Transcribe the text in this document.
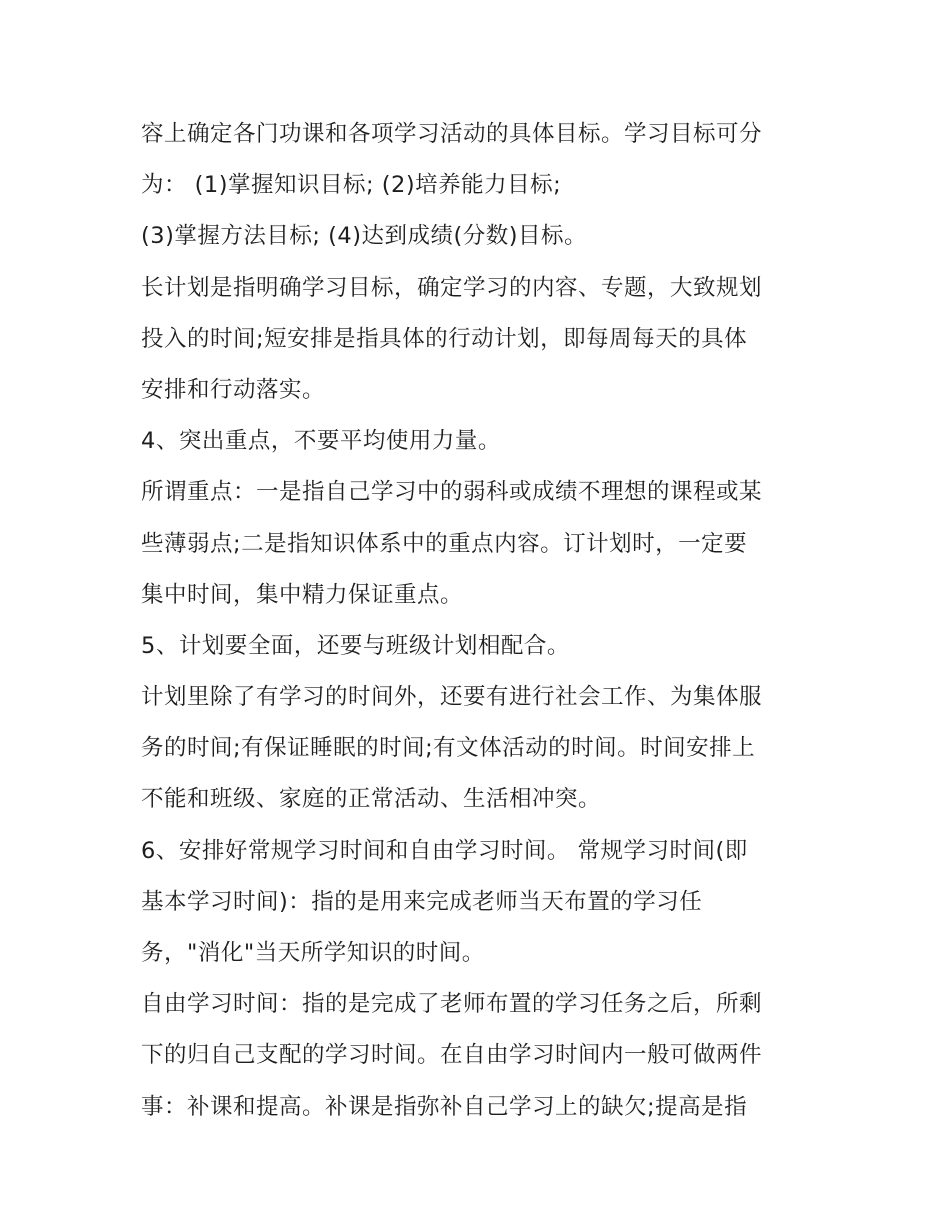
容上确定各门功课和各项学习活动的具体目标。学习目标可分
为： (1)掌握知识目标; (2)培养能力目标;
(3)掌握方法目标; (4)达到成绩(分数)目标。
长计划是指明确学习目标，确定学习的内容、专题，大致规划
投入的时间;短安排是指具体的行动计划，即每周每天的具体
安排和行动落实。
4、突出重点，不要平均使用力量。
所谓重点：一是指自己学习中的弱科或成绩不理想的课程或某
些薄弱点;二是指知识体系中的重点内容。订计划时，一定要
集中时间，集中精力保证重点。
5、计划要全面，还要与班级计划相配合。
计划里除了有学习的时间外，还要有进行社会工作、为集体服
务的时间;有保证睡眠的时间;有文体活动的时间。时间安排上
不能和班级、家庭的正常活动、生活相冲突。
6、安排好常规学习时间和自由学习时间。 常规学习时间(即
基本学习时间)：指的是用来完成老师当天布置的学习任
务，"消化"当天所学知识的时间。
自由学习时间：指的是完成了老师布置的学习任务之后，所剩
下的归自己支配的学习时间。在自由学习时间内一般可做两件
事：补课和提高。补课是指弥补自己学习上的缺欠;提高是指
